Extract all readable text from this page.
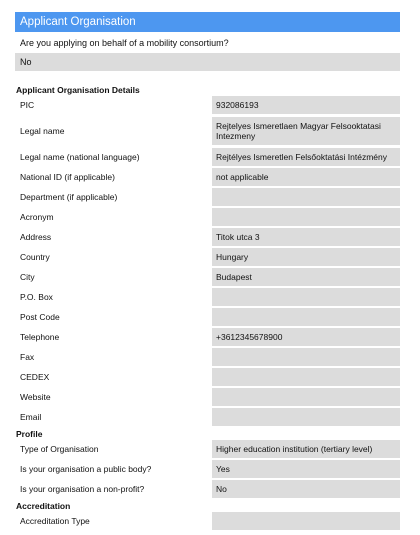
Applicant Organisation
Are you applying on behalf of a mobility consortium?
No
Applicant Organisation Details
PIC	932086193
Legal name	Rejtelyes Ismeretlaen Magyar Felsooktatasi Intezmeny
Legal name (national language)	Rejtélyes Ismeretlen Felsőoktatási Intézmény
National ID (if applicable)	not applicable
Department (if applicable)
Acronym
Address	Titok utca 3
Country	Hungary
City	Budapest
P.O. Box
Post Code
Telephone	+3612345678900
Fax
CEDEX
Website
Email
Profile
Type of Organisation	Higher education institution (tertiary level)
Is your organisation a public body?	Yes
Is your organisation a non-profit?	No
Accreditation
Accreditation Type
